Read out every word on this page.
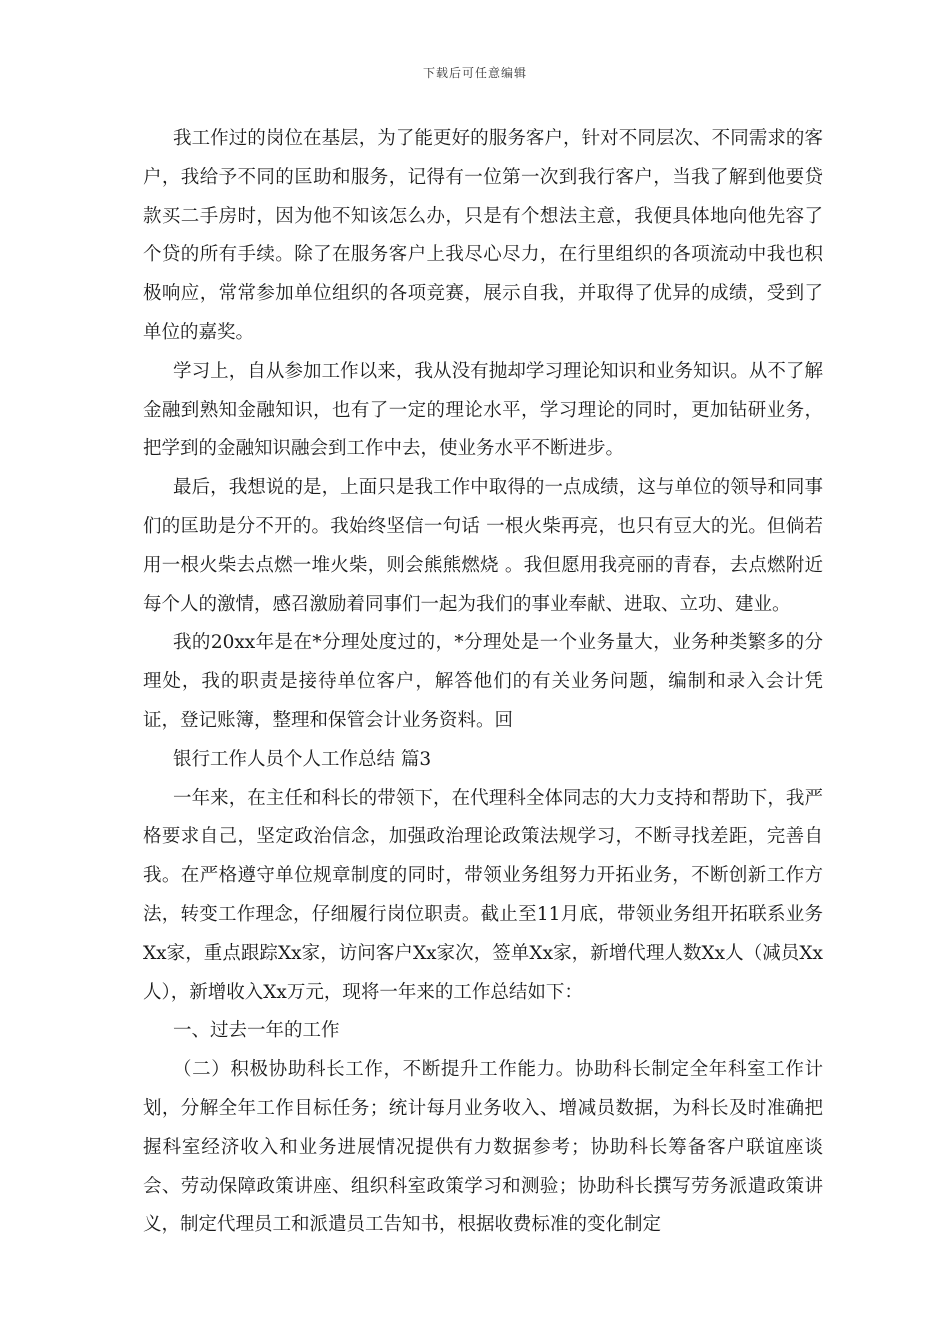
下载后可任意编辑

我工作过的岗位在基层，为了能更好的服务客户，针对不同层次、不同需求的客户，我给予不同的匡助和服务，记得有一位第一次到我行客户，当我了解到他要贷款买二手房时，因为他不知该怎么办，只是有个想法主意，我便具体地向他先容了个贷的所有手续。除了在服务客户上我尽心尽力，在行里组织的各项流动中我也积极响应，常常参加单位组织的各项竞赛，展示自我，并取得了优异的成绩，受到了单位的嘉奖。

学习上，自从参加工作以来，我从没有抛却学习理论知识和业务知识。从不了解金融到熟知金融知识，也有了一定的理论水平，学习理论的同时，更加钻研业务，把学到的金融知识融会到工作中去，使业务水平不断进步。

最后，我想说的是，上面只是我工作中取得的一点成绩，这与单位的领导和同事们的匡助是分不开的。我始终坚信一句话 一根火柴再亮，也只有豆大的光。但倘若用一根火柴去点燃一堆火柴，则会熊熊燃烧 。我但愿用我亮丽的青春，去点燃附近每个人的激情，感召激励着同事们一起为我们的事业奉献、进取、立功、建业。

我的20xx年是在*分理处度过的，*分理处是一个业务量大，业务种类繁多的分理处，我的职责是接待单位客户，解答他们的有关业务问题，编制和录入会计凭证，登记账簿，整理和保管会计业务资料。回

银行工作人员个人工作总结 篇3

一年来，在主任和科长的带领下，在代理科全体同志的大力支持和帮助下，我严格要求自己，坚定政治信念，加强政治理论政策法规学习，不断寻找差距，完善自我。在严格遵守单位规章制度的同时，带领业务组努力开拓业务，不断创新工作方法，转变工作理念，仔细履行岗位职责。截止至11月底，带领业务组开拓联系业务Xx家，重点跟踪Xx家，访问客户Xx家次，签单Xx家，新增代理人数Xx人（减员Xx人），新增收入Xx万元，现将一年来的工作总结如下：

一、过去一年的工作

（二）积极协助科长工作，不断提升工作能力。协助科长制定全年科室工作计划，分解全年工作目标任务；统计每月业务收入、增减员数据，为科长及时准确把握科室经济收入和业务进展情况提供有力数据参考；协助科长筹备客户联谊座谈会、劳动保障政策讲座、组织科室政策学习和测验；协助科长撰写劳务派遣政策讲义，制定代理员工和派遣员工告知书，根据收费标准的变化制定
